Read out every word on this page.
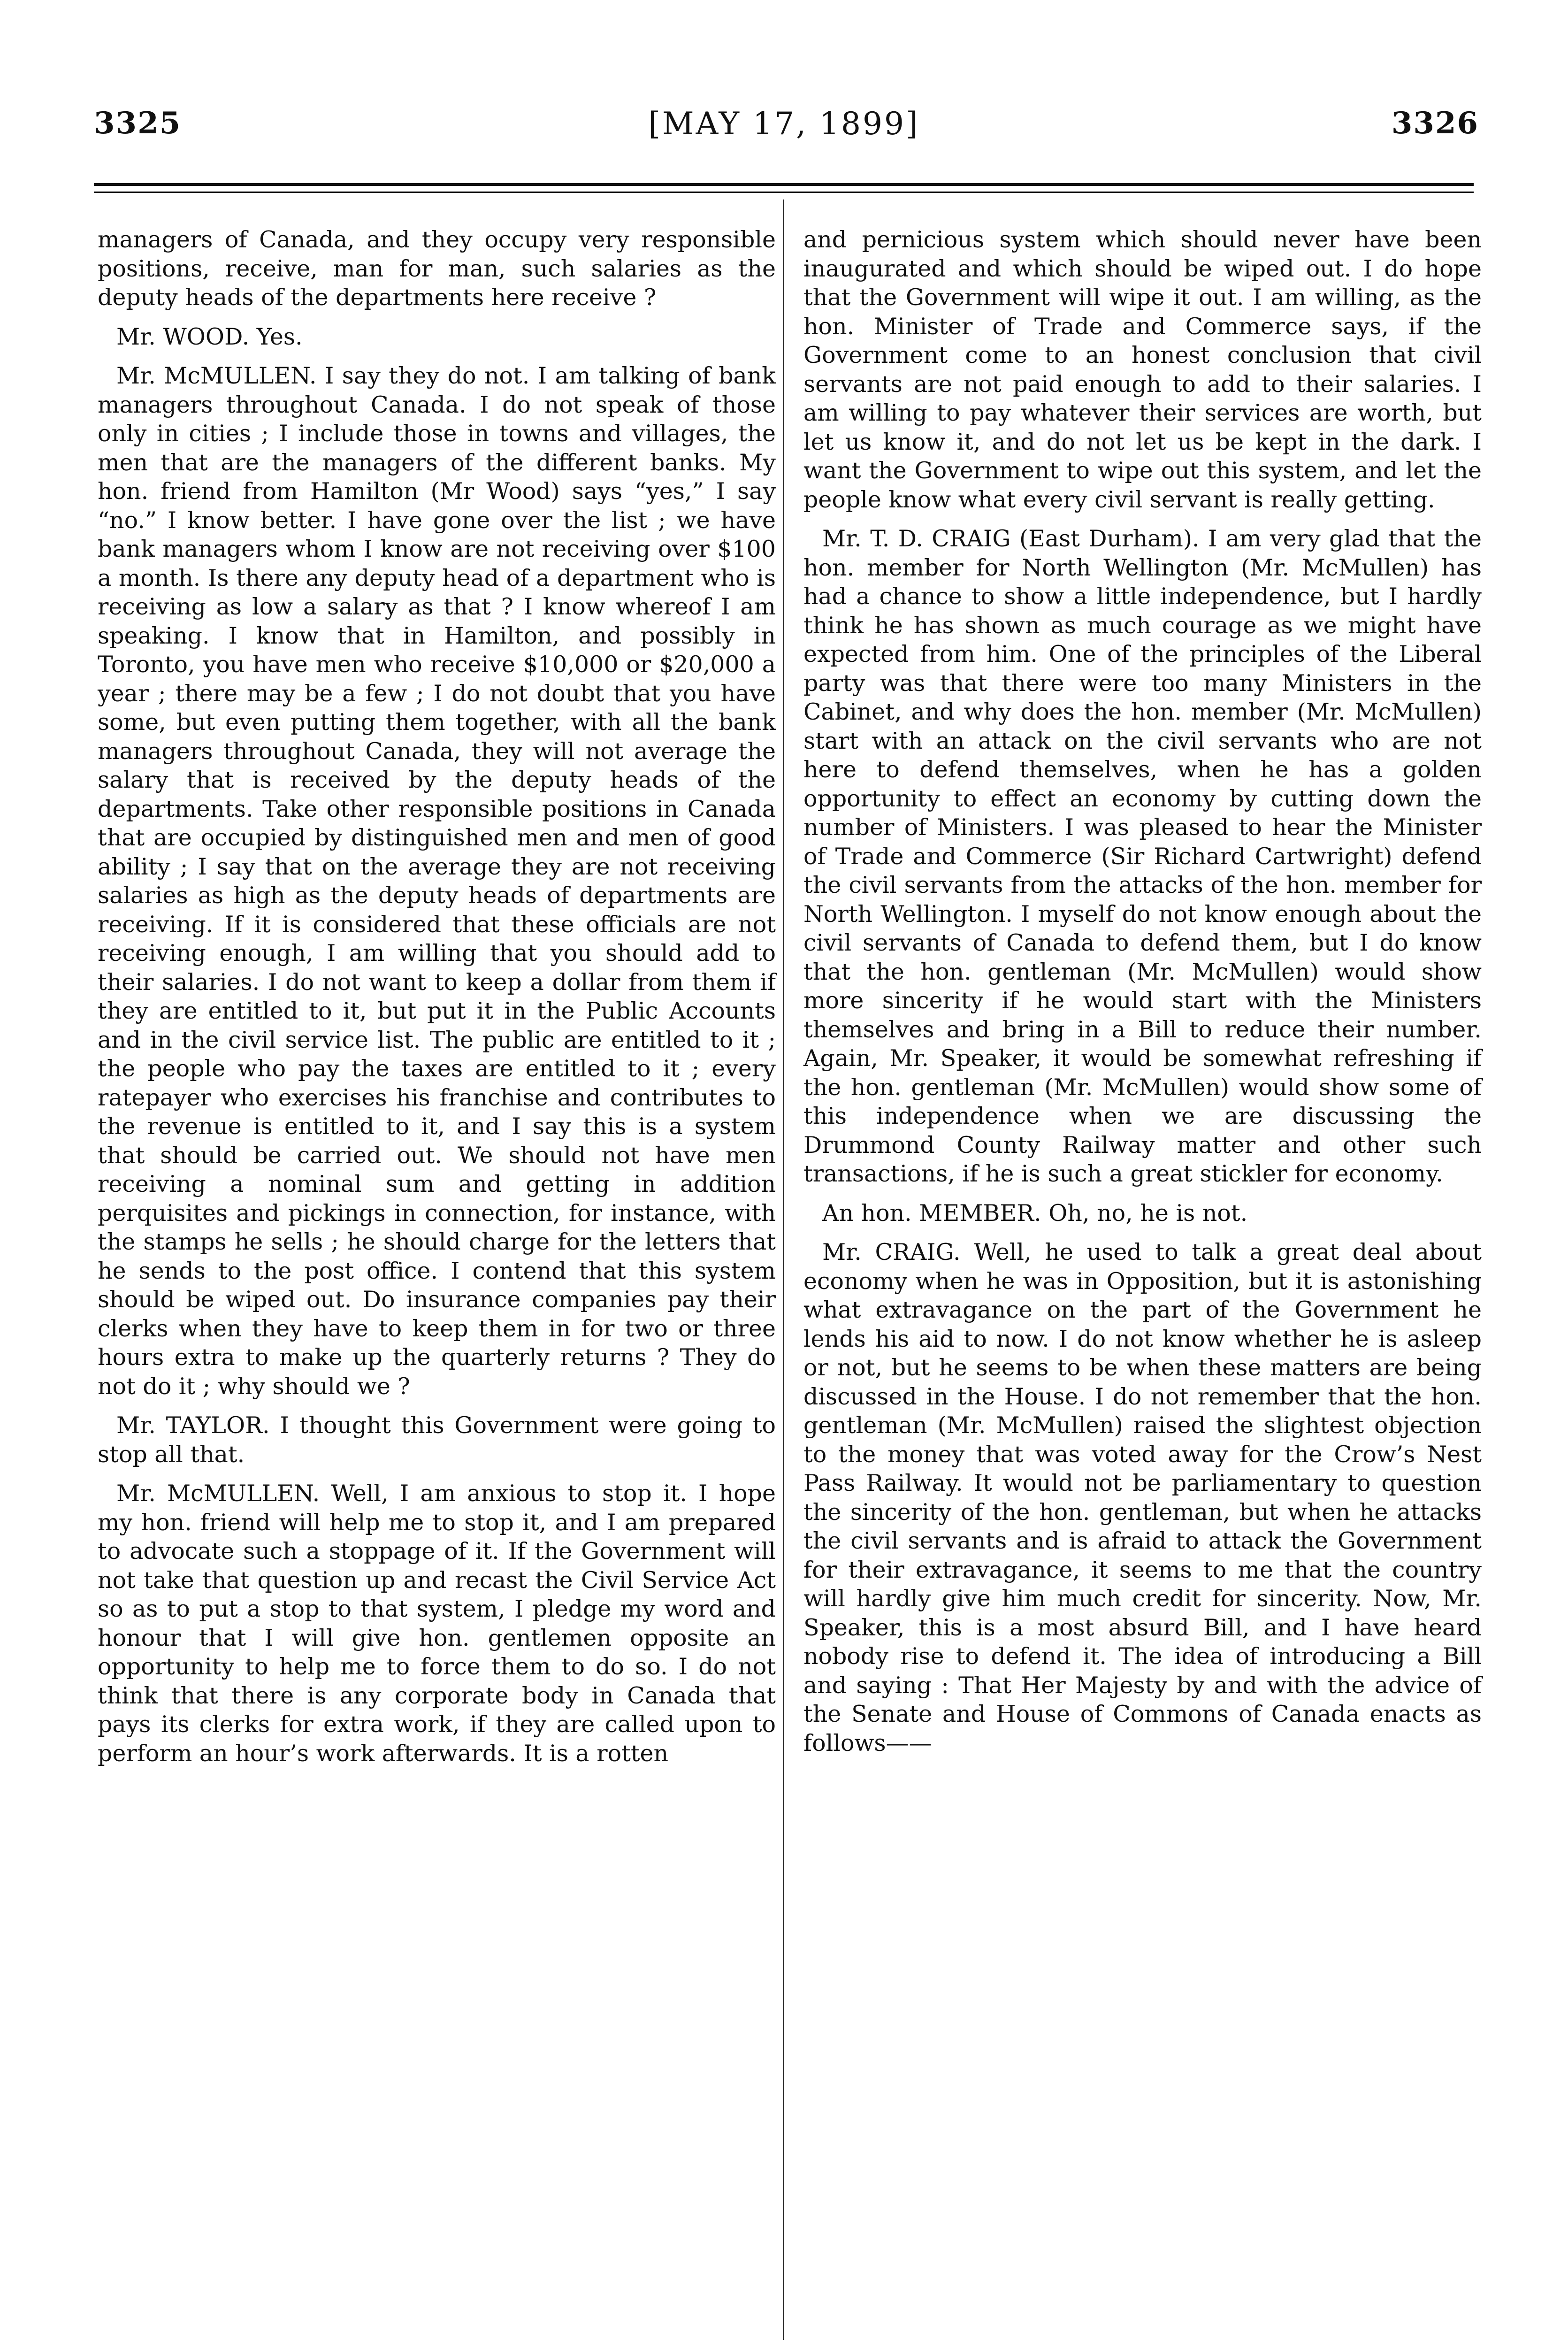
3325	[MAY 17, 1899]	3326

managers of Canada, and they occupy very responsible positions, receive, man for man, such salaries as the deputy heads of the departments here receive ?

Mr. WOOD. Yes.

Mr. McMULLEN. I say they do not. I am talking of bank managers throughout Canada. I do not speak of those only in cities ; I include those in towns and villages, the men that are the managers of the different banks. My hon. friend from Hamilton (Mr Wood) says “yes,” I say “no.” I know better. I have gone over the list ; we have bank managers whom I know are not receiving over $100 a month. Is there any deputy head of a department who is receiving as low a salary as that ? I know whereof I am speaking. I know that in Hamilton, and possibly in Toronto, you have men who receive $10,000 or $20,000 a year ; there may be a few ; I do not doubt that you have some, but even putting them together, with all the bank managers throughout Canada, they will not average the salary that is received by the deputy heads of the departments. Take other responsible positions in Canada that are occupied by distinguished men and men of good ability ; I say that on the average they are not receiving salaries as high as the deputy heads of departments are receiving. If it is considered that these officials are not receiving enough, I am willing that you should add to their salaries. I do not want to keep a dollar from them if they are entitled to it, but put it in the Public Accounts and in the civil service list. The public are entitled to it ; the people who pay the taxes are entitled to it ; every ratepayer who exercises his franchise and contributes to the revenue is entitled to it, and I say this is a system that should be carried out. We should not have men receiving a nominal sum and getting in addition perquisites and pickings in connection, for instance, with the stamps he sells ; he should charge for the letters that he sends to the post office. I contend that this system should be wiped out. Do insurance companies pay their clerks when they have to keep them in for two or three hours extra to make up the quarterly returns ? They do not do it ; why should we ?

Mr. TAYLOR. I thought this Government were going to stop all that.

Mr. McMULLEN. Well, I am anxious to stop it. I hope my hon. friend will help me to stop it, and I am prepared to advocate such a stoppage of it. If the Government will not take that question up and recast the Civil Service Act so as to put a stop to that system, I pledge my word and honour that I will give hon. gentlemen opposite an opportunity to help me to force them to do so. I do not think that there is any corporate body in Canada that pays its clerks for extra work, if they are called upon to perform an hour’s work afterwards. It is a rotten

and pernicious system which should never have been inaugurated and which should be wiped out. I do hope that the Government will wipe it out. I am willing, as the hon. Minister of Trade and Commerce says, if the Government come to an honest conclusion that civil servants are not paid enough to add to their salaries. I am willing to pay whatever their services are worth, but let us know it, and do not let us be kept in the dark. I want the Government to wipe out this system, and let the people know what every civil servant is really getting.

Mr. T. D. CRAIG (East Durham). I am very glad that the hon. member for North Wellington (Mr. McMullen) has had a chance to show a little independence, but I hardly think he has shown as much courage as we might have expected from him. One of the principles of the Liberal party was that there were too many Ministers in the Cabinet, and why does the hon. member (Mr. McMullen) start with an attack on the civil servants who are not here to defend themselves, when he has a golden opportunity to effect an economy by cutting down the number of Ministers. I was pleased to hear the Minister of Trade and Commerce (Sir Richard Cartwright) defend the civil servants from the attacks of the hon. member for North Wellington. I myself do not know enough about the civil servants of Canada to defend them, but I do know that the hon. gentleman (Mr. McMullen) would show more sincerity if he would start with the Ministers themselves and bring in a Bill to reduce their number. Again, Mr. Speaker, it would be somewhat refreshing if the hon. gentleman (Mr. McMullen) would show some of this independence when we are discussing the Drummond County Railway matter and other such transactions, if he is such a great stickler for economy.

An hon. MEMBER. Oh, no, he is not.

Mr. CRAIG. Well, he used to talk a great deal about economy when he was in Opposition, but it is astonishing what extravagance on the part of the Government he lends his aid to now. I do not know whether he is asleep or not, but he seems to be when these matters are being discussed in the House. I do not remember that the hon. gentleman (Mr. McMullen) raised the slightest objection to the money that was voted away for the Crow’s Nest Pass Railway. It would not be parliamentary to question the sincerity of the hon. gentleman, but when he attacks the civil servants and is afraid to attack the Government for their extravagance, it seems to me that the country will hardly give him much credit for sincerity. Now, Mr. Speaker, this is a most absurd Bill, and I have heard nobody rise to defend it. The idea of introducing a Bill and saying : That Her Majesty by and with the advice of the Senate and House of Commons of Canada enacts as follows——
